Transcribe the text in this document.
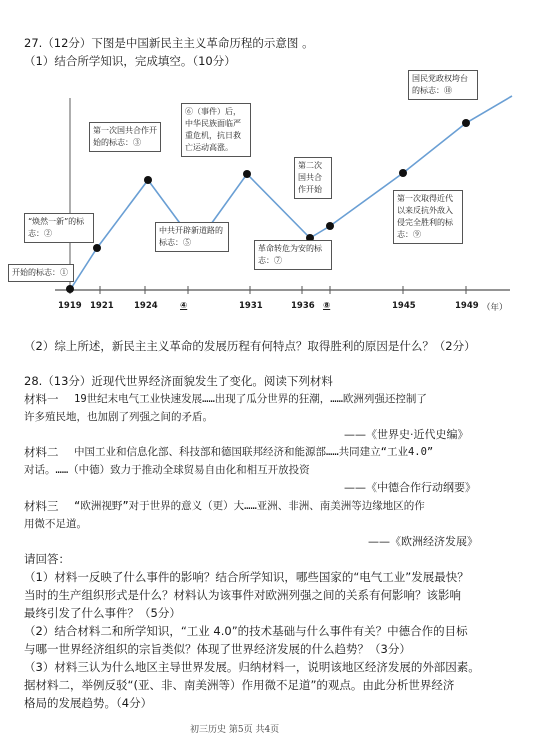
27.（12分）下图是中国新民主主义革命历程的示意图 。
（1）结合所学知识，完成填空。（10分）
开始的标志：①
“焕然一新”的标志：②
第一次国共合作开始的标志：③
中共开辟新道路的标志：⑤
⑥（事件）后，中华民族面临严重危机，抗日救亡运动高涨。
革命转危为安的标志：⑦
第二次国共合作开始
第一次取得近代以来反抗外敌入侵完全胜利的标志：⑨
国民党政权垮台的标志：⑩
1919 1921 1924	④	1931	1936 ⑧	1945	1949 （年）
（2）综上所述，新民主主义革命的发展历程有何特点？取得胜利的原因是什么？（2分）
28.（13分）近现代世界经济面貌发生了变化。阅读下列材料
材料一 19世纪末电气工业快速发展……出现了瓜分世界的狂潮，……欧洲列强还控制了
许多殖民地，也加剧了列强之间的矛盾。
——《世界史·近代史编》
材料二 中国工业和信息化部、科技部和德国联邦经济和能源部……共同建立“工业4.0”
对话。……（中德）致力于推动全球贸易自由化和相互开放投资
——《中德合作行动纲要》
材料三 “欧洲视野”对于世界的意义（更）大……亚洲、非洲、南美洲等边缘地区的作
用微不足道。
——《欧洲经济发展》
请回答：
（1）材料一反映了什么事件的影响？结合所学知识，哪些国家的“电气工业”发展最快？
当时的生产组织形式是什么？材料认为该事件对欧洲列强之间的关系有何影响？该影响
最终引发了什么事件？（5分）
（2）结合材料二和所学知识，“工业 4.0”的技术基础与什么事件有关？中德合作的目标
与哪一世界经济组织的宗旨类似？体现了世界经济发展的什么趋势？（3分）
（3）材料三认为什么地区主导世界发展。归纳材料一，说明该地区经济发展的外部因素。
据材料二，举例反驳“(亚、非、南美洲等）作用微不足道”的观点。由此分析世界经济
格局的发展趋势。（4分）
初三历史 第5页 共4页
